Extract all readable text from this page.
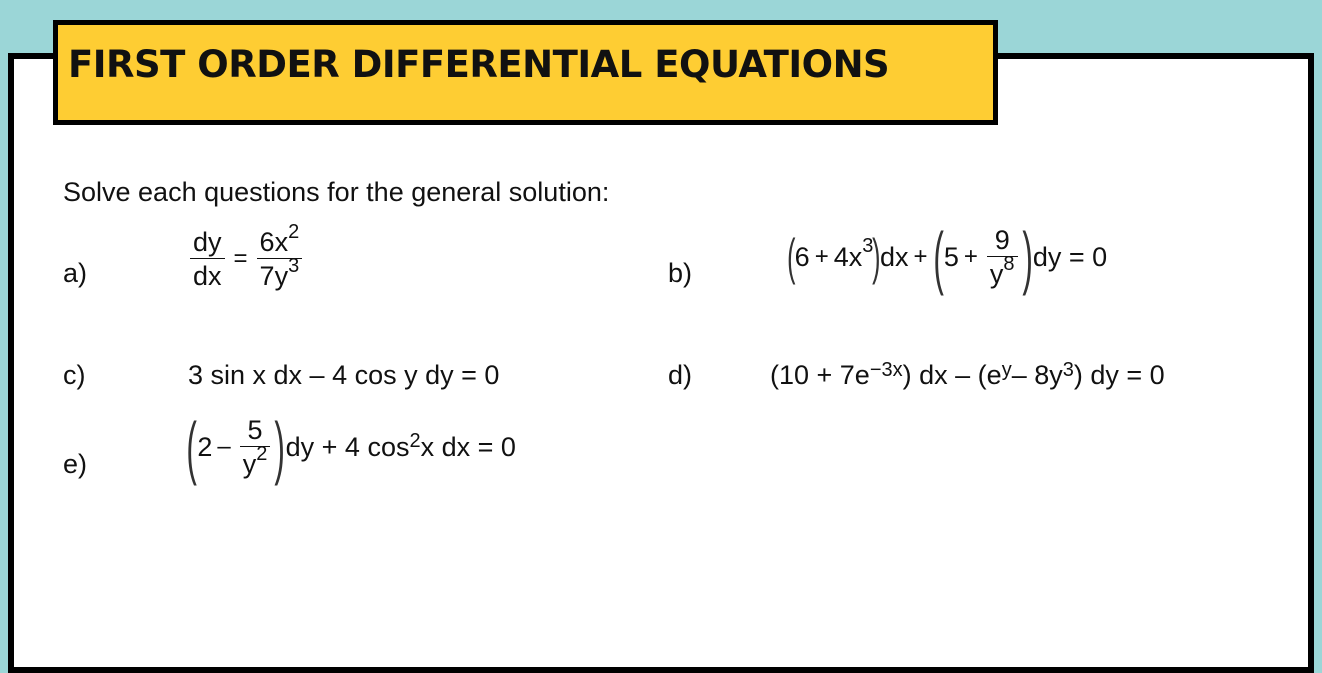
FIRST ORDER DIFFERENTIAL EQUATIONS
Solve each questions for the general solution:
a)	$\frac{dy}{dx} = \frac{6x^2}{7y^3}$	b) ( $6 + 4x^3$ ) dx + ( $5 + \frac{9}{y^8}$ ) dy = 0
c)	3 sin x dx – 4 cos y dy = 0	d)	($10 + 7e^{-3x}$ ) dx – ($e^y - 8y^3$ ) dy = 0
e) ( $2 - \frac{5}{y^2}$ ) dy + 4 $\cos^2 x$ dx = 0
